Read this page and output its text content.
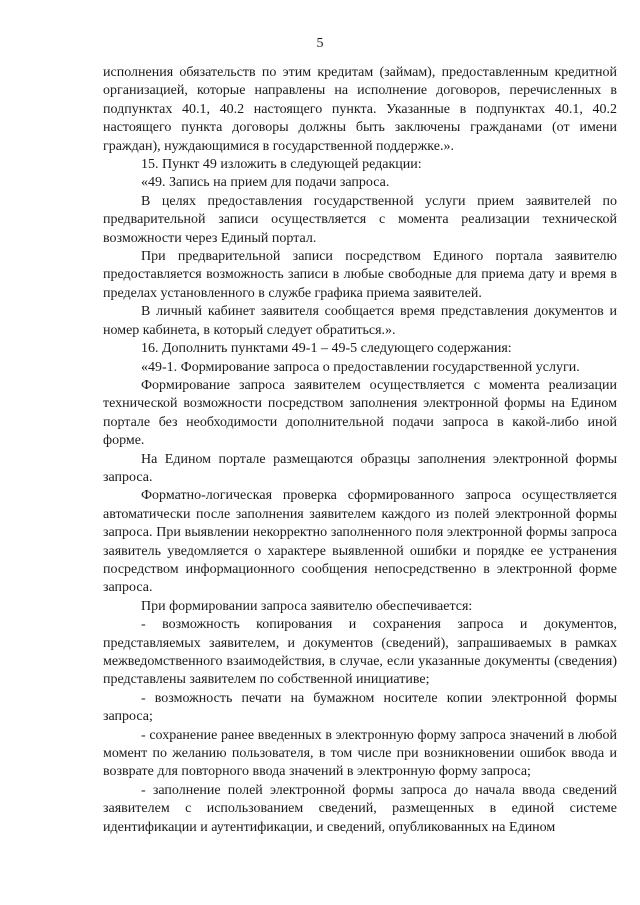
5

исполнения обязательств по этим кредитам (займам), предоставленным кредитной организацией, которые направлены на исполнение договоров, перечисленных в подпунктах 40.1, 40.2 настоящего пункта. Указанные в подпунктах 40.1, 40.2 настоящего пункта договоры должны быть заключены гражданами (от имени граждан), нуждающимися в государственной поддержке.».

15. Пункт 49 изложить в следующей редакции:

«49. Запись на прием для подачи запроса.

В целях предоставления государственной услуги прием заявителей по предварительной записи осуществляется с момента реализации технической возможности через Единый портал.

При предварительной записи посредством Единого портала заявителю предоставляется возможность записи в любые свободные для приема дату и время в пределах установленного в службе графика приема заявителей.

В личный кабинет заявителя сообщается время представления документов и номер кабинета, в который следует обратиться.».

16. Дополнить пунктами 49-1 – 49-5 следующего содержания:

«49-1. Формирование запроса о предоставлении государственной услуги.

Формирование запроса заявителем осуществляется с момента реализации технической возможности посредством заполнения электронной формы на Едином портале без необходимости дополнительной подачи запроса в какой-либо иной форме.

На Едином портале размещаются образцы заполнения электронной формы запроса.

Форматно-логическая проверка сформированного запроса осуществляется автоматически после заполнения заявителем каждого из полей электронной формы запроса. При выявлении некорректно заполненного поля электронной формы запроса заявитель уведомляется о характере выявленной ошибки и порядке ее устранения посредством информационного сообщения непосредственно в электронной форме запроса.

При формировании запроса заявителю обеспечивается:

- возможность копирования и сохранения запроса и документов, представляемых заявителем, и документов (сведений), запрашиваемых в рамках межведомственного взаимодействия, в случае, если указанные документы (сведения) представлены заявителем по собственной инициативе;

- возможность печати на бумажном носителе копии электронной формы запроса;

- сохранение ранее введенных в электронную форму запроса значений в любой момент по желанию пользователя, в том числе при возникновении ошибок ввода и возврате для повторного ввода значений в электронную форму запроса;

- заполнение полей электронной формы запроса до начала ввода сведений заявителем с использованием сведений, размещенных в единой системе идентификации и аутентификации, и сведений, опубликованных на Едином
